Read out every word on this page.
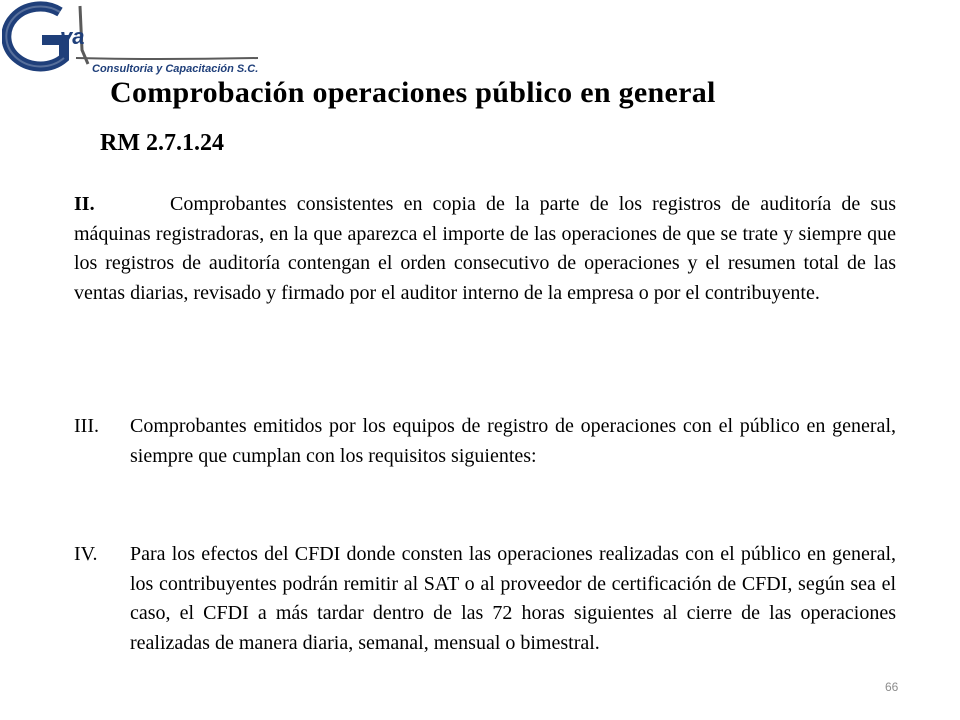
va
Consultoria y Capacitación S.C.
Comprobación operaciones público en general
RM 2.7.1.24
II.	Comprobantes consistentes en copia de la parte de los registros de auditoría de sus máquinas registradoras, en la que aparezca el importe de las operaciones de que se trate y siempre que los registros de auditoría contengan el orden consecutivo de operaciones y el resumen total de las ventas diarias, revisado y firmado por el auditor interno de la empresa o por el contribuyente.
III.	Comprobantes emitidos por los equipos de registro de operaciones con el público en general, siempre que cumplan con los requisitos siguientes:
IV.	Para los efectos del CFDI donde consten las operaciones realizadas con el público en general, los contribuyentes podrán remitir al SAT o al proveedor de certificación de CFDI, según sea el caso, el CFDI a más tardar dentro de las 72 horas siguientes al cierre de las operaciones realizadas de manera diaria, semanal, mensual o bimestral.
66
